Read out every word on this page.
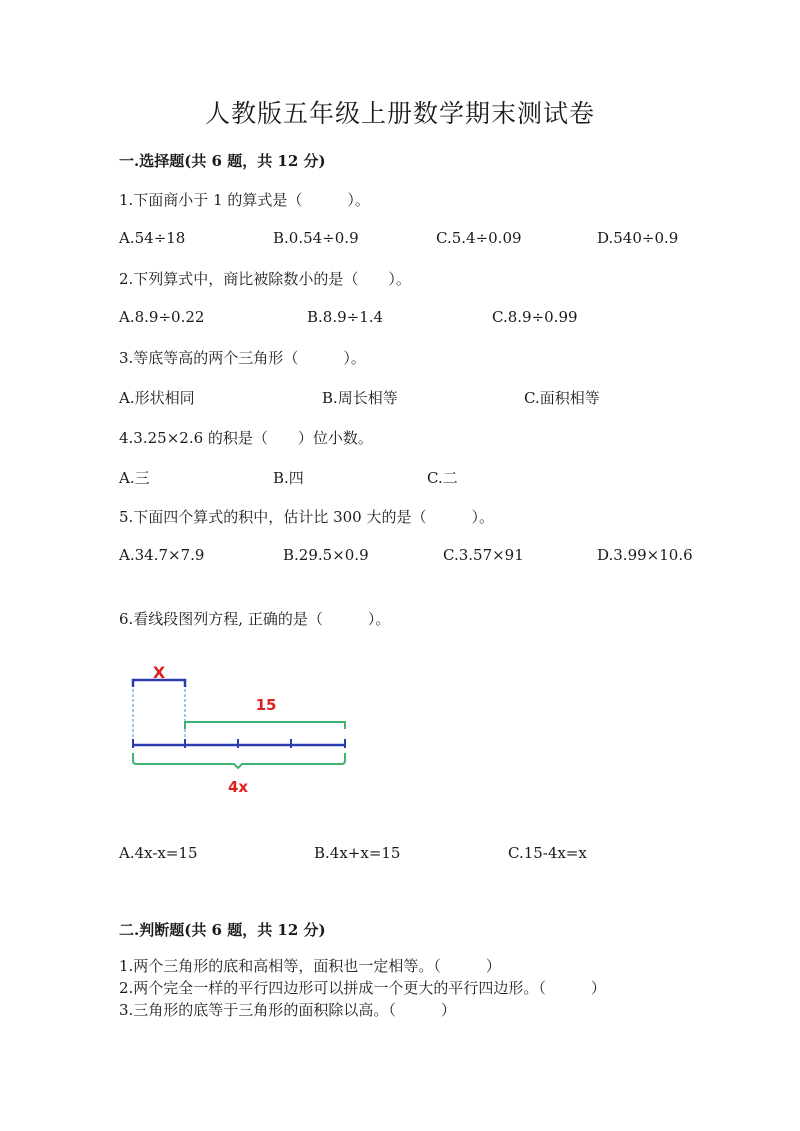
人教版五年级上册数学期末测试卷
一.选择题(共 6 题，共 12 分)
1.下面商小于 1 的算式是（　　　）。
A.54÷18	B.0.54÷0.9	C.5.4÷0.09	D.540÷0.9
2.下列算式中，商比被除数小的是（　　）。
A.8.9÷0.22	B.8.9÷1.4	C.8.9÷0.99
3.等底等高的两个三角形（　　　）。
A.形状相同	B.周长相等	C.面积相等
4.3.25×2.6 的积是（　　）位小数。
A.三	B.四	C.二
5.下面四个算式的积中，估计比 300 大的是（　　　）。
A.34.7×7.9	B.29.5×0.9	C.3.57×91	D.3.99×10.6
6.看线段图列方程, 正确的是（　　　）。
X
15
4x
A.4x-x=15	B.4x+x=15	C.15-4x=x
二.判断题(共 6 题，共 12 分)
1.两个三角形的底和高相等，面积也一定相等。（　　　）
2.两个完全一样的平行四边形可以拼成一个更大的平行四边形。（　　　）
3.三角形的底等于三角形的面积除以高。（　　　）
